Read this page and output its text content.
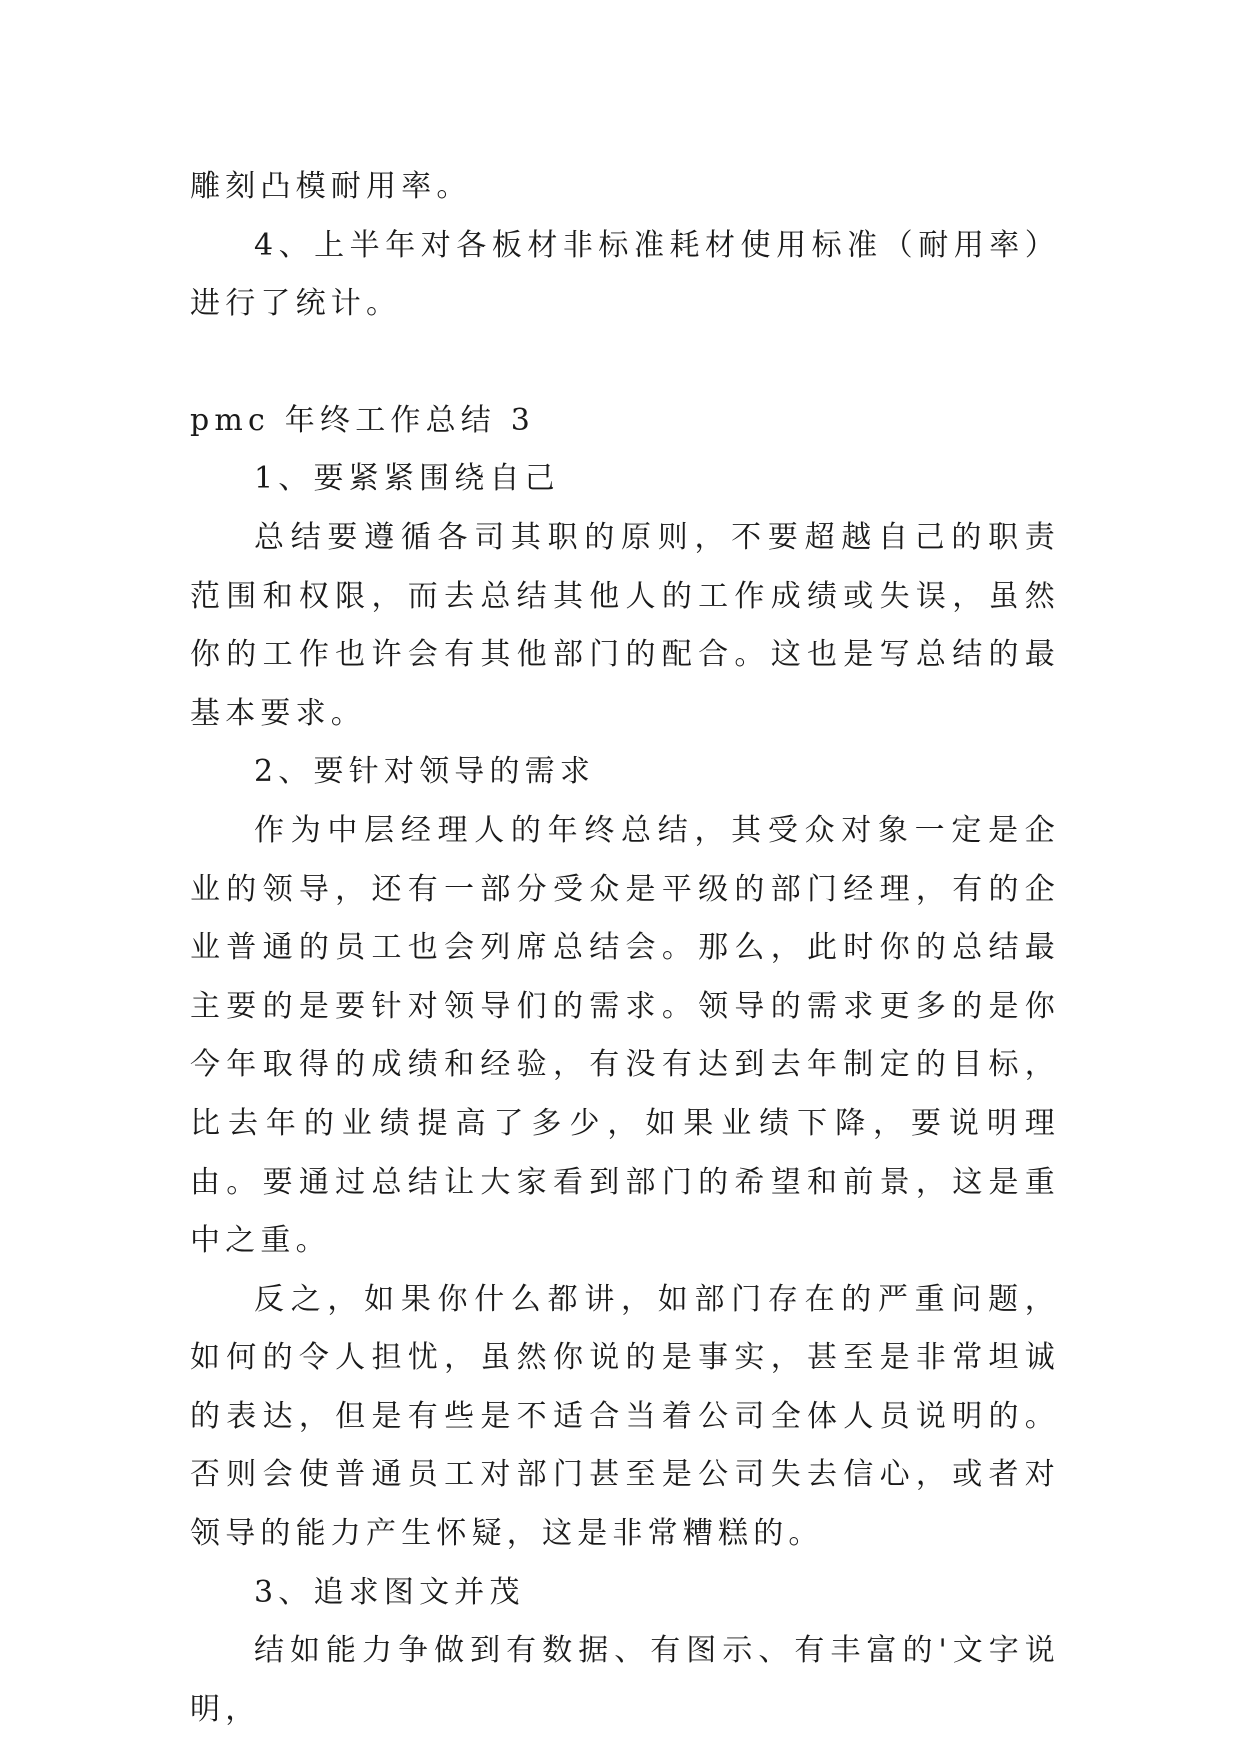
雕刻凸模耐用率。

4、上半年对各板材非标准耗材使用标准（耐用率）进行了统计。

pmc 年终工作总结 3

1、要紧紧围绕自己

总结要遵循各司其职的原则，不要超越自己的职责范围和权限，而去总结其他人的工作成绩或失误，虽然你的工作也许会有其他部门的配合。这也是写总结的最基本要求。

2、要针对领导的需求

作为中层经理人的年终总结，其受众对象一定是企业的领导，还有一部分受众是平级的部门经理，有的企业普通的员工也会列席总结会。那么，此时你的总结最主要的是要针对领导们的需求。领导的需求更多的是你今年取得的成绩和经验，有没有达到去年制定的目标，比去年的业绩提高了多少，如果业绩下降，要说明理由。要通过总结让大家看到部门的希望和前景，这是重中之重。

反之，如果你什么都讲，如部门存在的严重问题，如何的令人担忧，虽然你说的是事实，甚至是非常坦诚的表达，但是有些是不适合当着公司全体人员说明的。否则会使普通员工对部门甚至是公司失去信心，或者对领导的能力产生怀疑，这是非常糟糕的。

3、追求图文并茂

结如能力争做到有数据、有图示、有丰富的'文字说明，
